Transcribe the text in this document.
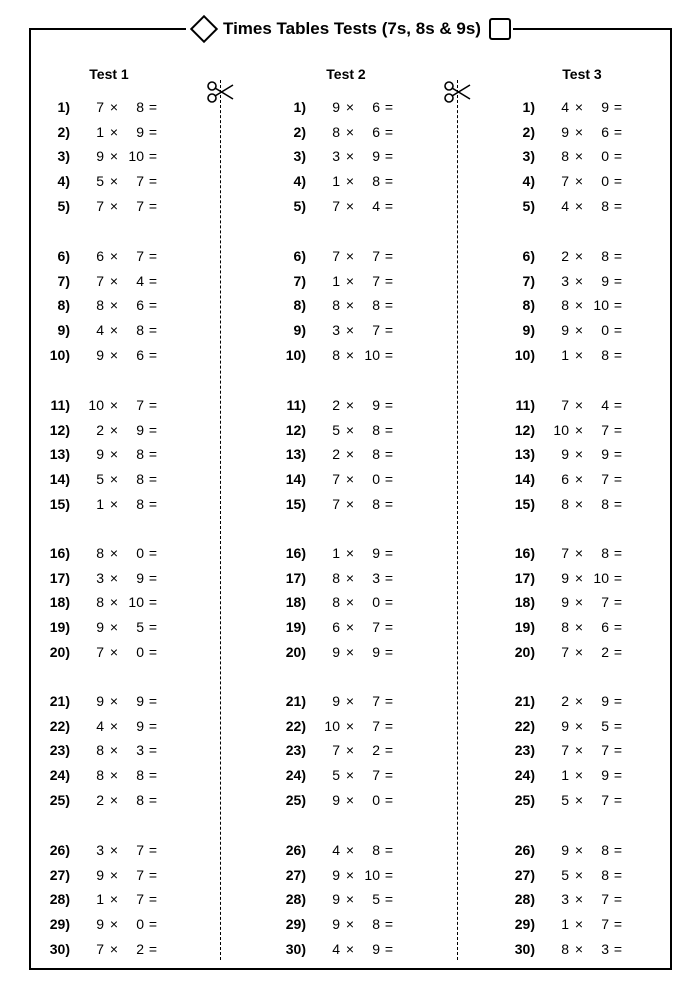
Times Tables Tests (7s, 8s & 9s)
Test 1
1)	7 ×	8 =
2)	1 ×	9 =
3)	9 × 10 =
4)	5 ×	7 =
5)	7 ×	7 =
6)	6 ×	7 =
7)	7 ×	4 =
8)	8 ×	6 =
9)	4 ×	8 =
10)	9 ×	6 =
11)	10 ×	7 =
12)	2 ×	9 =
13)	9 ×	8 =
14)	5 ×	8 =
15)	1 ×	8 =
16)	8 ×	0 =
17)	3 ×	9 =
18)	8 × 10 =
19)	9 ×	5 =
20)	7 ×	0 =
21)	9 ×	9 =
22)	4 ×	9 =
23)	8 ×	3 =
24)	8 ×	8 =
25)	2 ×	8 =
26)	3 ×	7 =
27)	9 ×	7 =
28)	1 ×	7 =
29)	9 ×	0 =
30)	7 ×	2 =
Test 2
1)	9 ×	6 =
2)	8 ×	6 =
3)	3 ×	9 =
4)	1 ×	8 =
5)	7 ×	4 =
6)	7 ×	7 =
7)	1 ×	7 =
8)	8 ×	8 =
9)	3 ×	7 =
10)	8 × 10 =
11)	2 ×	9 =
12)	5 ×	8 =
13)	2 ×	8 =
14)	7 ×	0 =
15)	7 ×	8 =
16)	1 ×	9 =
17)	8 ×	3 =
18)	8 ×	0 =
19)	6 ×	7 =
20)	9 ×	9 =
21)	9 ×	7 =
22)	10 ×	7 =
23)	7 ×	2 =
24)	5 ×	7 =
25)	9 ×	0 =
26)	4 ×	8 =
27)	9 × 10 =
28)	9 ×	5 =
29)	9 ×	8 =
30)	4 ×	9 =
Test 3
1)	4 ×	9 =
2)	9 ×	6 =
3)	8 ×	0 =
4)	7 ×	0 =
5)	4 ×	8 =
6)	2 ×	8 =
7)	3 ×	9 =
8)	8 × 10 =
9)	9 ×	0 =
10)	1 ×	8 =
11)	7 ×	4 =
12)	10 ×	7 =
13)	9 ×	9 =
14)	6 ×	7 =
15)	8 ×	8 =
16)	7 ×	8 =
17)	9 × 10 =
18)	9 ×	7 =
19)	8 ×	6 =
20)	7 ×	2 =
21)	2 ×	9 =
22)	9 ×	5 =
23)	7 ×	7 =
24)	1 ×	9 =
25)	5 ×	7 =
26)	9 ×	8 =
27)	5 ×	8 =
28)	3 ×	7 =
29)	1 ×	7 =
30)	8 ×	3 =
